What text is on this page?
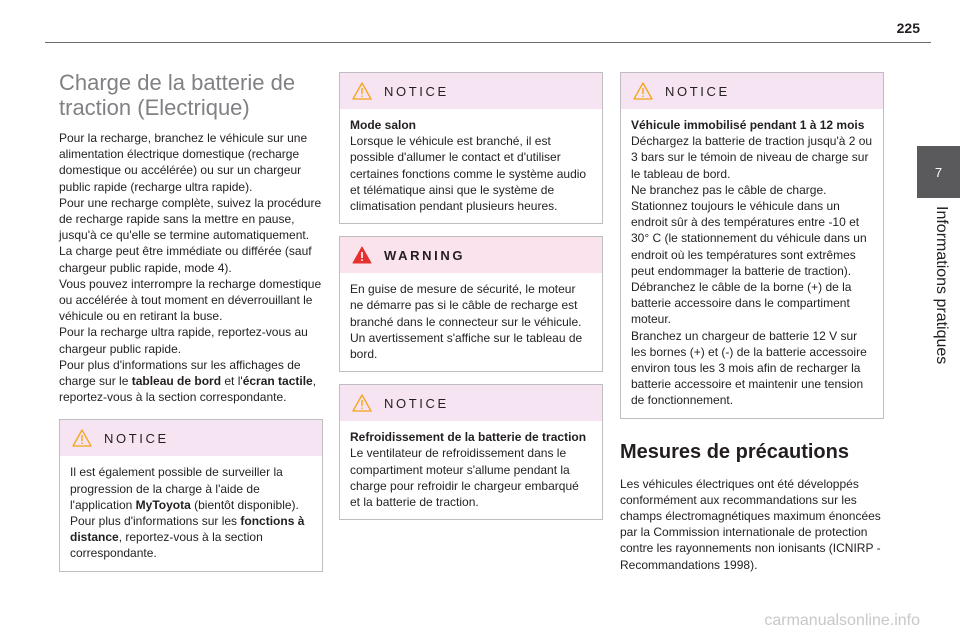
225
7
Informations pratiques
Charge de la batterie de traction (Electrique)

Pour la recharge, branchez le véhicule sur une alimentation électrique domestique (recharge domestique ou accélérée) ou sur un chargeur public rapide (recharge ultra rapide).

Pour une recharge complète, suivez la procédure de recharge rapide sans la mettre en pause, jusqu'à ce qu'elle se termine automatiquement. La charge peut être immédiate ou différée (sauf chargeur public rapide, mode 4).

Vous pouvez interrompre la recharge domestique ou accélérée à tout moment en déverrouillant le véhicule ou en retirant la buse.

Pour la recharge ultra rapide, reportez-vous au chargeur public rapide.

Pour plus d'informations sur les affichages de charge sur le tableau de bord et l'écran tactile, reportez-vous à la section correspondante.

NOTICE
Il est également possible de surveiller la progression de la charge à l'aide de l'application MyToyota (bientôt disponible).
Pour plus d'informations sur les fonctions à distance, reportez-vous à la section correspondante.
NOTICE
Mode salon
Lorsque le véhicule est branché, il est possible d'allumer le contact et d'utiliser certaines fonctions comme le système audio et télématique ainsi que le système de climatisation pendant plusieurs heures.
WARNING
En guise de mesure de sécurité, le moteur ne démarre pas si le câble de recharge est branché dans le connecteur sur le véhicule. Un avertissement s'affiche sur le tableau de bord.
NOTICE
Refroidissement de la batterie de traction
Le ventilateur de refroidissement dans le compartiment moteur s'allume pendant la charge pour refroidir le chargeur embarqué et la batterie de traction.
NOTICE
Véhicule immobilisé pendant 1 à 12 mois
Déchargez la batterie de traction jusqu'à 2 ou 3 bars sur le témoin de niveau de charge sur le tableau de bord.
Ne branchez pas le câble de charge.
Stationnez toujours le véhicule dans un endroit sûr à des températures entre -10 et 30° C (le stationnement du véhicule dans un endroit où les températures sont extrêmes peut endommager la batterie de traction).
Débranchez le câble de la borne (+) de la batterie accessoire dans le compartiment moteur.
Branchez un chargeur de batterie 12 V sur les bornes (+) et (-) de la batterie accessoire environ tous les 3 mois afin de recharger la batterie accessoire et maintenir une tension de fonctionnement.
Mesures de précautions

Les véhicules électriques ont été développés conformément aux recommandations sur les champs électromagnétiques maximum énoncées par la Commission internationale de protection contre les rayonnements non ionisants (ICNIRP - Recommandations 1998).

carmanualsonline.info
